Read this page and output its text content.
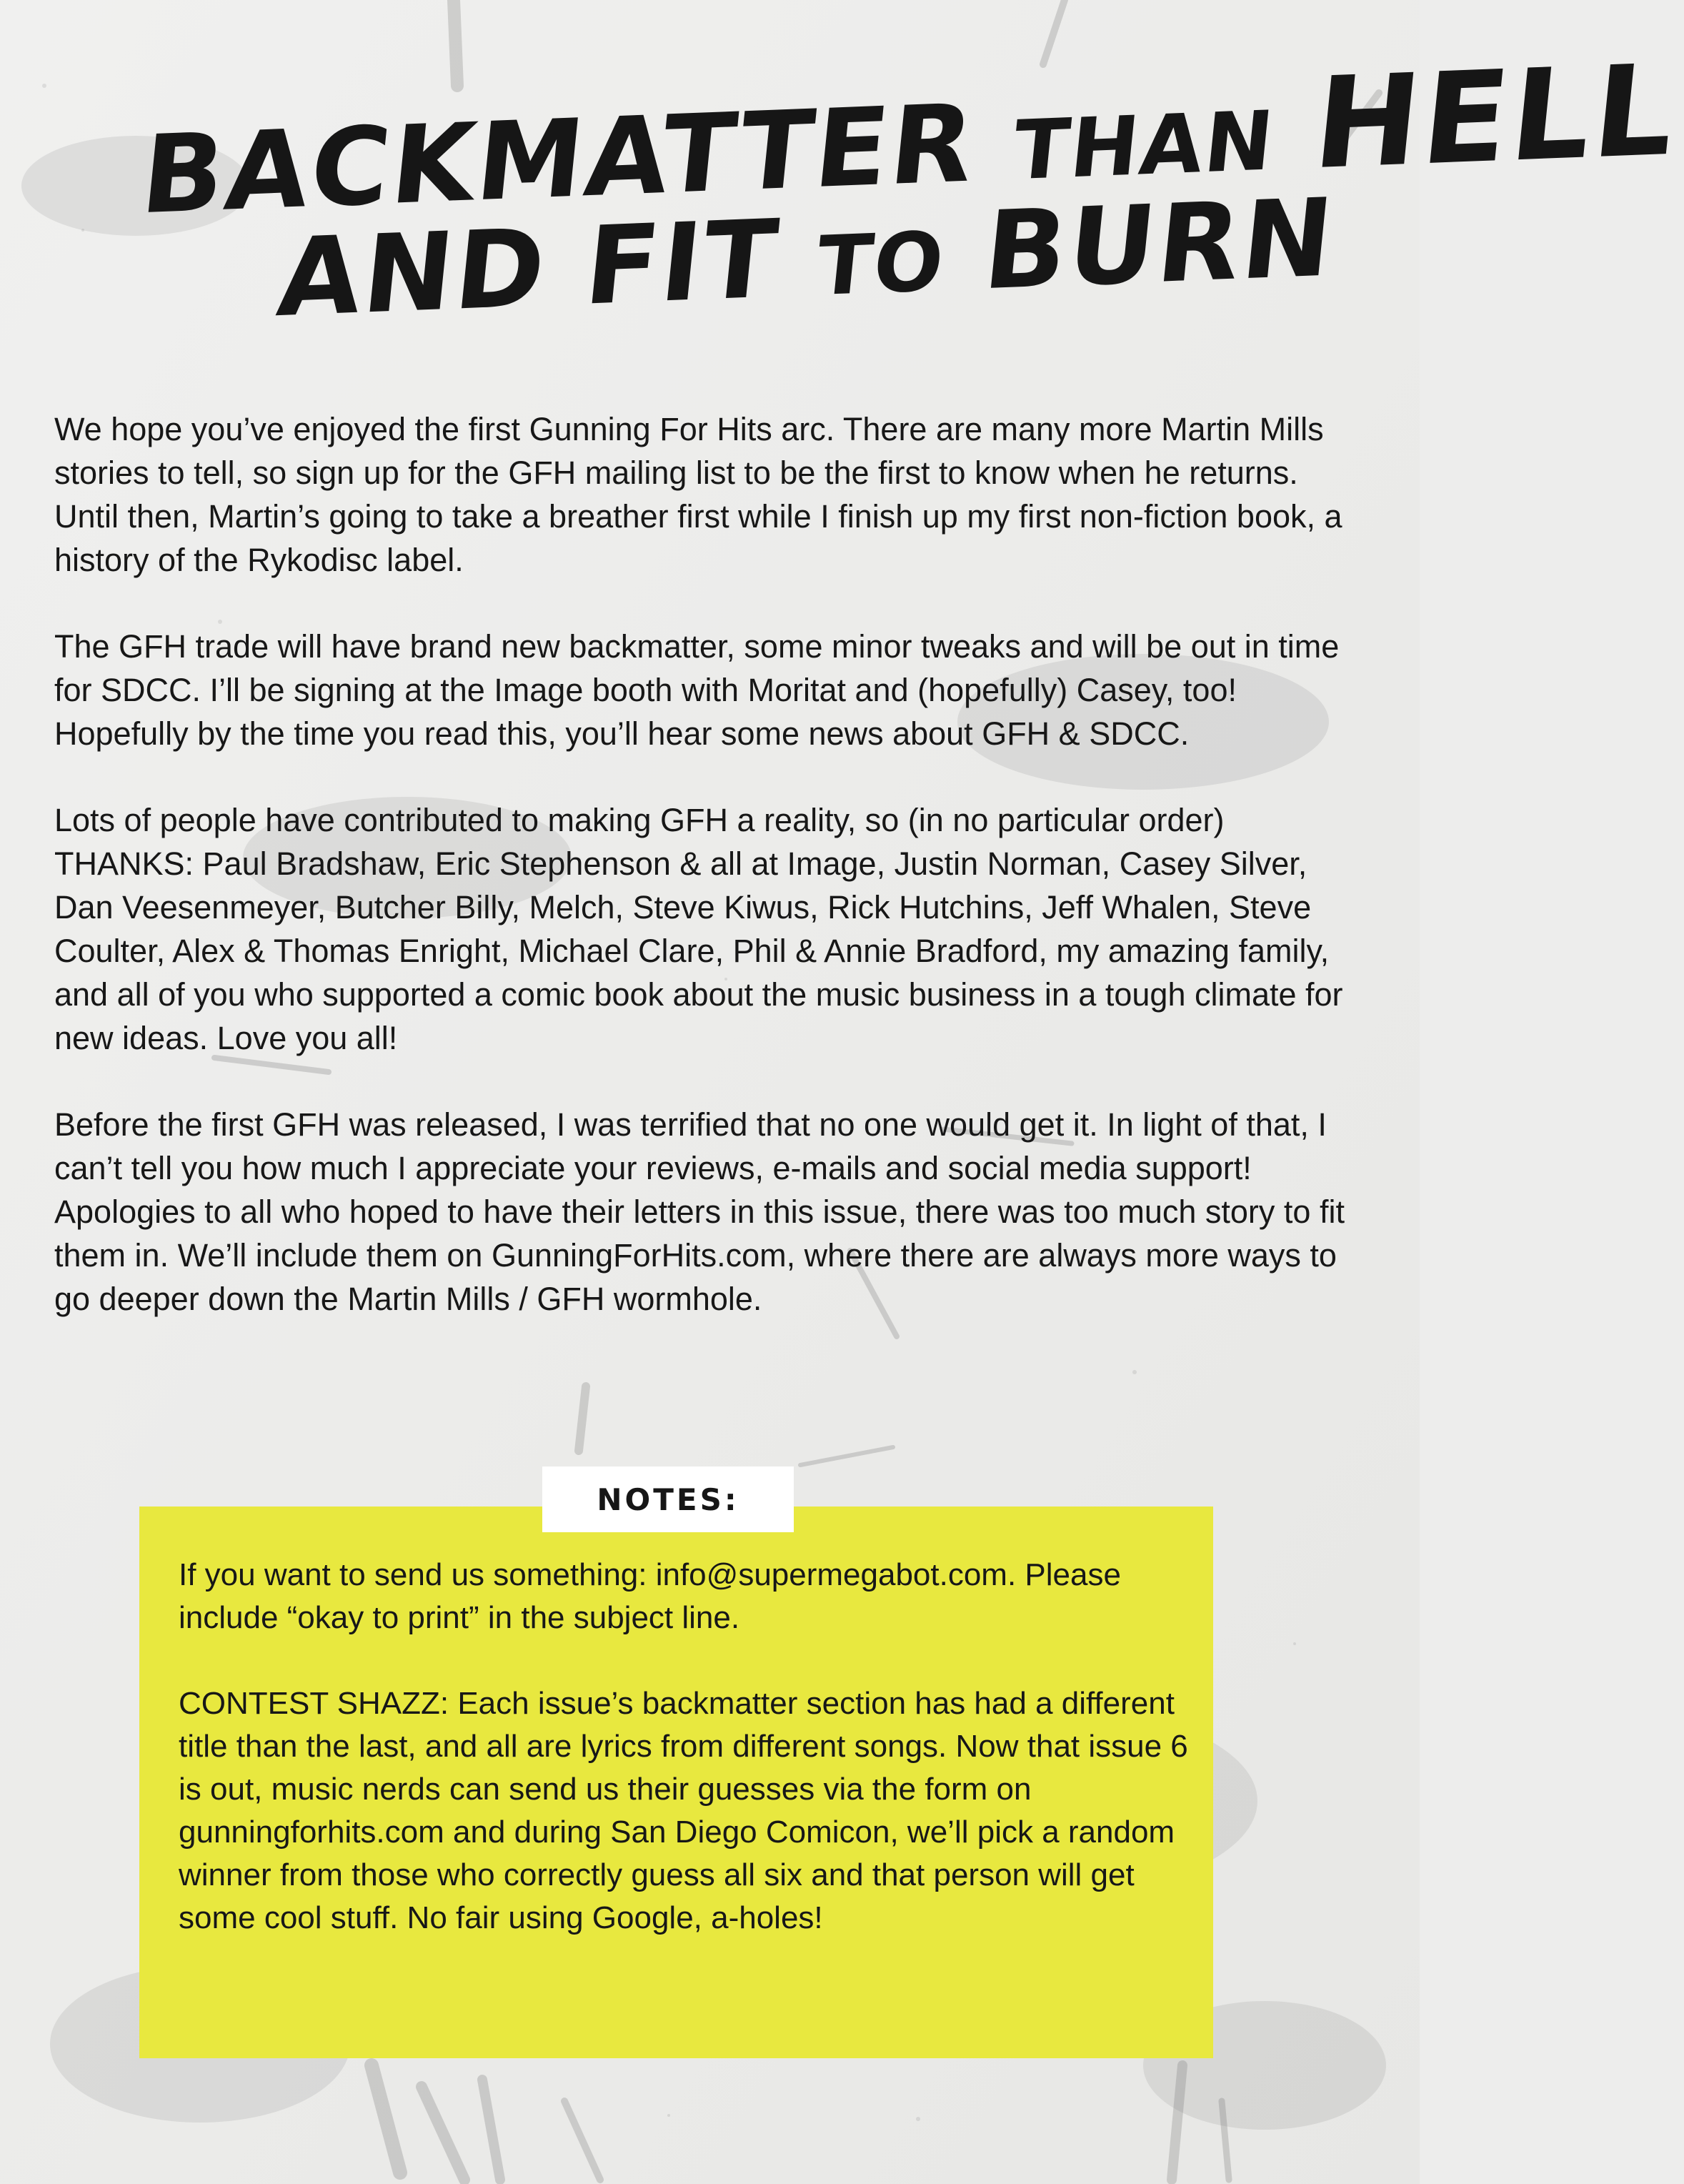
BACKMATTER THAN HELL
AND FIT TO BURN

We hope you’ve enjoyed the first Gunning For Hits arc. There are many more Martin Mills stories to tell, so sign up for the GFH mailing list to be the first to know when he returns. Until then, Martin’s going to take a breather first while I finish up my first non-fiction book, a history of the Rykodisc label.

The GFH trade will have brand new backmatter, some minor tweaks and will be out in time for SDCC. I’ll be signing at the Image booth with Moritat and (hopefully) Casey, too! Hopefully by the time you read this, you’ll hear some news about GFH & SDCC.

Lots of people have contributed to making GFH a reality, so (in no particular order) THANKS: Paul Bradshaw, Eric Stephenson & all at Image, Justin Norman, Casey Silver, Dan Veesenmeyer, Butcher Billy, Melch, Steve Kiwus, Rick Hutchins, Jeff Whalen, Steve Coulter, Alex & Thomas Enright, Michael Clare, Phil & Annie Bradford, my amazing family, and all of you who supported a comic book about the music business in a tough climate for new ideas. Love you all!

Before the first GFH was released, I was terrified that no one would get it. In light of that, I can’t tell you how much I appreciate your reviews, e-mails and social media support! Apologies to all who hoped to have their letters in this issue, there was too much story to fit them in. We’ll include them on GunningForHits.com, where there are always more ways to go deeper down the Martin Mills / GFH wormhole.

NOTES:

If you want to send us something: info@supermegabot.com. Please include “okay to print” in the subject line.

CONTEST SHAZZ: Each issue’s backmatter section has had a different title than the last, and all are lyrics from different songs. Now that issue 6 is out, music nerds can send us their guesses via the form on gunningforhits.com and during San Diego Comicon, we’ll pick a random winner from those who correctly guess all six and that person will get some cool stuff. No fair using Google, a-holes!
